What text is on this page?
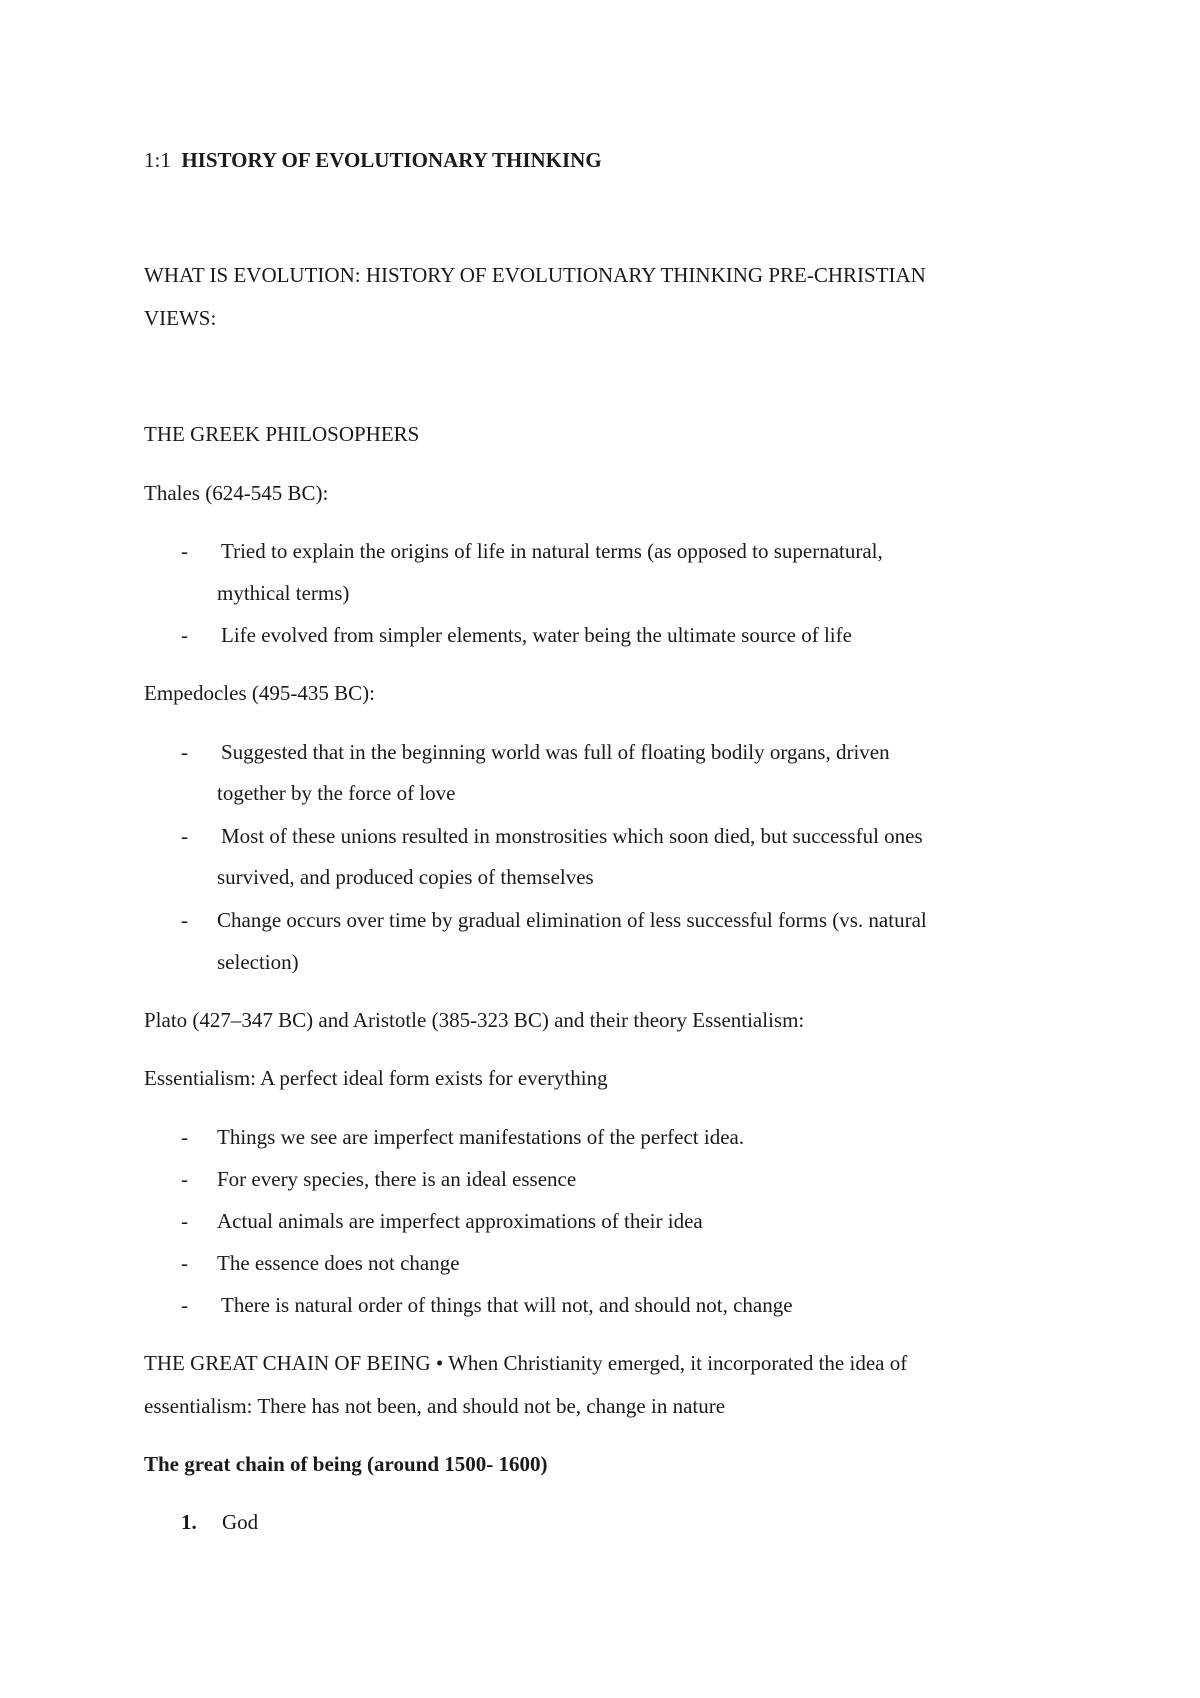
1:1 HISTORY OF EVOLUTIONARY THINKING
WHAT IS EVOLUTION: HISTORY OF EVOLUTIONARY THINKING PRE-CHRISTIAN
VIEWS:
THE GREEK PHILOSOPHERS
Thales (624-545 BC):
- Tried to explain the origins of life in natural terms (as opposed to supernatural,
mythical terms)
- Life evolved from simpler elements, water being the ultimate source of life
Empedocles (495-435 BC):
- Suggested that in the beginning world was full of floating bodily organs, driven
together by the force of love
- Most of these unions resulted in monstrosities which soon died, but successful ones
survived, and produced copies of themselves
- Change occurs over time by gradual elimination of less successful forms (vs. natural
selection)
Plato (427–347 BC) and Aristotle (385-323 BC) and their theory Essentialism:
Essentialism: A perfect ideal form exists for everything
- Things we see are imperfect manifestations of the perfect idea.
- For every species, there is an ideal essence
- Actual animals are imperfect approximations of their idea
- The essence does not change
- There is natural order of things that will not, and should not, change
THE GREAT CHAIN OF BEING • When Christianity emerged, it incorporated the idea of
essentialism: There has not been, and should not be, change in nature
The great chain of being (around 1500- 1600)
1. God
